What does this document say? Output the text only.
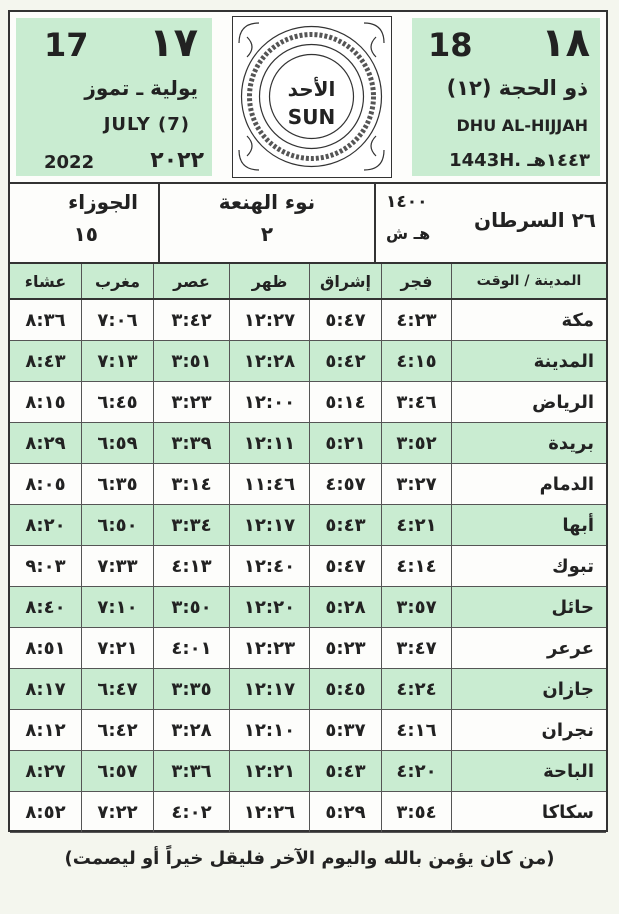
17 ١٧
يولية ـ تموز
JULY (7)
2022	٢٠٢٢
الأحد
SUN
18 ١٨
ذو الحجة (١٢)
DHU AL-HIJJAH
1443H. ١٤٤٣هـ
الجوزاء
١٥
نوء الهنعة
٢
١٤٠٠
هـ ش
٢٦ السرطان
عشاء	مغرب	عصر	ظهر	إشراق	فجر	المدينة / الوقت
٨:٣٦	٧:٠٦	٣:٤٢	١٢:٢٧	٥:٤٧	٤:٢٣	مكة
٨:٤٣	٧:١٣	٣:٥١	١٢:٢٨	٥:٤٢	٤:١٥	المدينة
٨:١٥	٦:٤٥	٣:٢٣	١٢:٠٠	٥:١٤	٣:٤٦	الرياض
٨:٢٩	٦:٥٩	٣:٣٩	١٢:١١	٥:٢١	٣:٥٢	بريدة
٨:٠٥	٦:٣٥	٣:١٤	١١:٤٦	٤:٥٧	٣:٢٧	الدمام
٨:٢٠	٦:٥٠	٣:٣٤	١٢:١٧	٥:٤٣	٤:٢١	أبها
٩:٠٣	٧:٣٣	٤:١٣	١٢:٤٠	٥:٤٧	٤:١٤	تبوك
٨:٤٠	٧:١٠	٣:٥٠	١٢:٢٠	٥:٢٨	٣:٥٧	حائل
٨:٥١	٧:٢١	٤:٠١	١٢:٢٣	٥:٢٣	٣:٤٧	عرعر
٨:١٧	٦:٤٧	٣:٣٥	١٢:١٧	٥:٤٥	٤:٢٤	جازان
٨:١٢	٦:٤٢	٣:٢٨	١٢:١٠	٥:٣٧	٤:١٦	نجران
٨:٢٧	٦:٥٧	٣:٣٦	١٢:٢١	٥:٤٣	٤:٢٠	الباحة
٨:٥٢	٧:٢٢	٤:٠٢	١٢:٢٦	٥:٢٩	٣:٥٤	سكاكا
(من كان يؤمن بالله واليوم الآخر فليقل خيراً أو ليصمت)
